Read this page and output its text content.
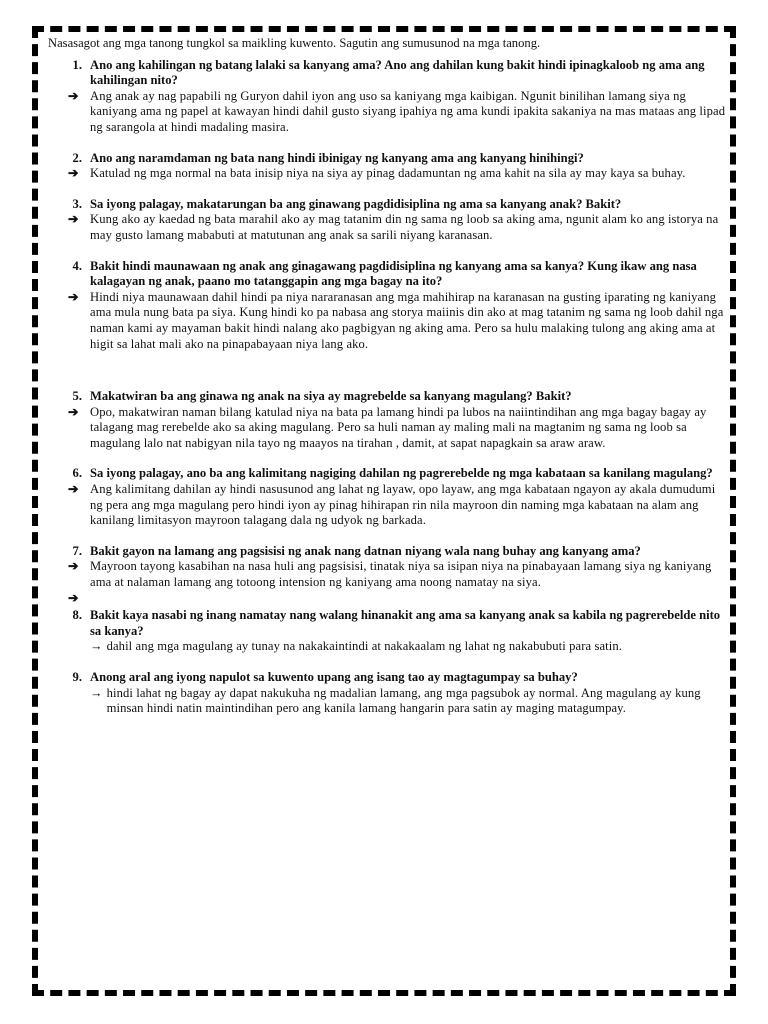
Nasasagot ang mga tanong tungkol sa maikling kuwento. Sagutin ang sumusunod na mga tanong.

1. Ano ang kahilingan ng batang lalaki sa kanyang ama? Ano ang dahilan kung bakit hindi ipinagkaloob ng ama ang kahilingan nito?
➔ Ang anak ay nag papabili ng Guryon dahil iyon ang uso sa kaniyang mga kaibigan. Ngunit binilihan lamang siya ng kaniyang ama ng papel at kawayan hindi dahil gusto siyang ipahiya ng ama kundi ipakita sakaniya na mas mataas ang lipad ng sarangola at hindi madaling masira.
2. Ano ang naramdaman ng bata nang hindi ibinigay ng kanyang ama ang kanyang hinihingi?
➔ Katulad ng mga normal na bata inisip niya na siya ay pinag dadamuntan ng ama kahit na sila ay may kaya sa buhay.
3. Sa iyong palagay, makatarungan ba ang ginawang pagdidisiplina ng ama sa kanyang anak? Bakit?
➔ Kung ako ay kaedad ng bata marahil ako ay mag tatanim din ng sama ng loob sa aking ama, ngunit alam ko ang istorya na may gusto lamang mababuti at matutunan ang anak sa sarili niyang karanasan.
4. Bakit hindi maunawaan ng anak ang ginagawang pagdidisiplina ng kanyang ama sa kanya? Kung ikaw ang nasa kalagayan ng anak, paano mo tatanggapin ang mga bagay na ito?
➔ Hindi niya maunawaan dahil hindi pa niya nararanasan ang mga mahihirap na karanasan na gusting iparating ng kaniyang ama mula nung bata pa siya. Kung hindi ko pa nabasa ang storya maiinis din ako at mag tatanim ng sama ng loob dahil nga naman kami ay mayaman bakit hindi nalang ako pagbigyan ng aking ama. Pero sa hulu malaking tulong ang aking ama at higit sa lahat mali ako na pinapabayaan niya lang ako.
5. Makatwiran ba ang ginawa ng anak na siya ay magrebelde sa kanyang magulang? Bakit?
➔ Opo, makatwiran naman bilang katulad niya na bata pa lamang hindi pa lubos na naiintindihan ang mga bagay bagay ay talagang mag rerebelde ako sa aking magulang. Pero sa huli naman ay maling mali na magtanim ng sama ng loob sa magulang lalo nat nabigyan nila tayo ng maayos na tirahan , damit, at sapat napagkain sa araw araw.
6. Sa iyong palagay, ano ba ang kalimitang nagiging dahilan ng pagrerebelde ng mga kabataan sa kanilang magulang?
➔ Ang kalimitang dahilan ay hindi nasusunod ang lahat ng layaw, opo layaw, ang mga kabataan ngayon ay akala dumudumi ng pera ang mga magulang pero hindi iyon ay pinag hihirapan rin nila mayroon din naming mga kabataan na alam ang kanilang limitasyon mayroon talagang dala ng udyok ng barkada.
7. Bakit gayon na lamang ang pagsisisi ng anak nang datnan niyang wala nang buhay ang kanyang ama?
➔ Mayroon tayong kasabihan na nasa huli ang pagsisisi, tinatak niya sa isipan niya na pinabayaan lamang siya ng kaniyang ama at nalaman lamang ang totoong intension ng kaniyang ama noong namatay na siya.
➔
8. Bakit kaya nasabi ng inang namatay nang walang hinanakit ang ama sa kanyang anak sa kabila ng pagrerebelde nito sa kanya?
→ dahil ang mga magulang ay tunay na nakakaintindi at nakakaalam ng lahat ng nakabubuti para satin.
9. Anong aral ang iyong napulot sa kuwento upang ang isang tao ay magtagumpay sa buhay?
→ hindi lahat ng bagay ay dapat nakukuha ng madalian lamang, ang mga pagsubok ay normal. Ang magulang ay kung minsan hindi natin maintindihan pero ang kanila lamang hangarin para satin ay maging matagumpay.
